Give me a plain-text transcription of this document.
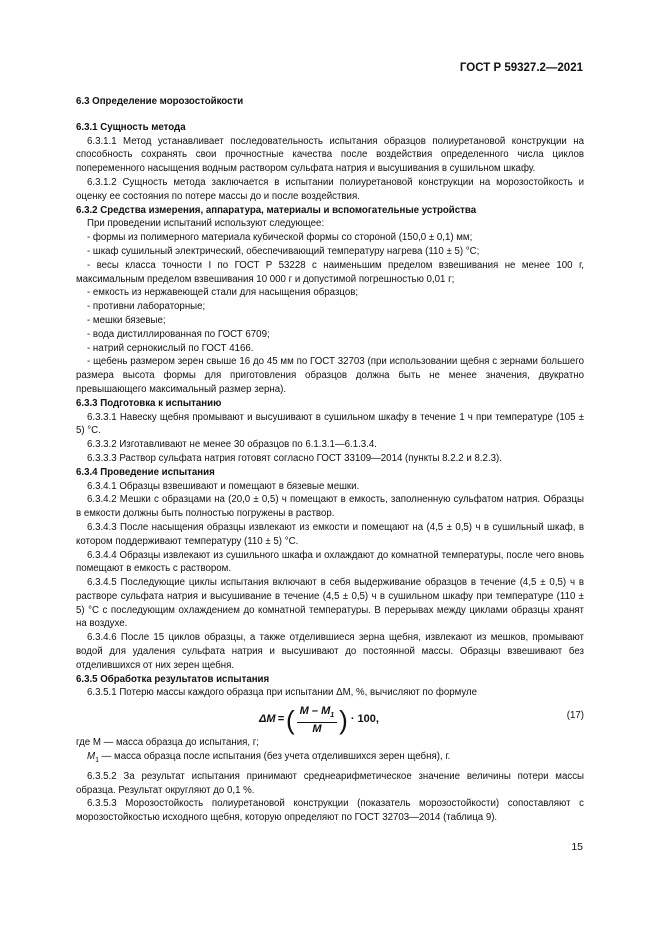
ГОСТ Р 59327.2—2021

6.3 Определение морозостойкости

6.3.1 Сущность метода

6.3.1.1 Метод устанавливает последовательность испытания образцов полиуретановой конструкции на способность сохранять свои прочностные качества после воздействия определенного числа циклов попеременного насыщения водным раствором сульфата натрия и высушивания в сушильном шкафу.

6.3.1.2 Сущность метода заключается в испытании полиуретановой конструкции на морозостойкость и оценку ее состояния по потере массы до и после воздействия.

6.3.2 Средства измерения, аппаратура, материалы и вспомогательные устройства

При проведении испытаний используют следующее:

- формы из полимерного материала кубической формы со стороной (150,0 ± 0,1) мм;

- шкаф сушильный электрический, обеспечивающий температуру нагрева (110 ± 5) °С;

- весы класса точности I по ГОСТ Р 53228 с наименьшим пределом взвешивания не менее 100 г, максимальным пределом взвешивания 10 000 г и допустимой погрешностью 0,01 г;

- емкость из нержавеющей стали для насыщения образцов;

- противни лабораторные;

- мешки бязевые;

- вода дистиллированная по ГОСТ 6709;

- натрий сернокислый по ГОСТ 4166.

- щебень размером зерен свыше 16 до 45 мм по ГОСТ 32703 (при использовании щебня с зернами большего размера высота формы для приготовления образцов должна быть не менее значения, двукратно превышающего максимальный размер зерна).

6.3.3 Подготовка к испытанию

6.3.3.1 Навеску щебня промывают и высушивают в сушильном шкафу в течение 1 ч при температуре (105 ± 5) °С.

6.3.3.2 Изготавливают не менее 30 образцов по 6.1.3.1—6.1.3.4.

6.3.3.3 Раствор сульфата натрия готовят согласно ГОСТ 33109—2014 (пункты 8.2.2 и 8.2.3).

6.3.4 Проведение испытания

6.3.4.1 Образцы взвешивают и помещают в бязевые мешки.

6.3.4.2 Мешки с образцами на (20,0 ± 0,5) ч помещают в емкость, заполненную сульфатом натрия. Образцы в емкости должны быть полностью погружены в раствор.

6.3.4.3 После насыщения образцы извлекают из емкости и помещают на (4,5 ± 0,5) ч в сушильный шкаф, в котором поддерживают температуру (110 ± 5) °С.

6.3.4.4 Образцы извлекают из сушильного шкафа и охлаждают до комнатной температуры, после чего вновь помещают в емкость с раствором.

6.3.4.5 Последующие циклы испытания включают в себя выдерживание образцов в течение (4,5 ± 0,5) ч в растворе сульфата натрия и высушивание в течение (4,5 ± 0,5) ч в сушильном шкафу при температуре (110 ± 5) °С с последующим охлаждением до комнатной температуры. В перерывах между циклами образцы хранят на воздухе.

6.3.4.6 После 15 циклов образцы, а также отделившиеся зерна щебня, извлекают из мешков, промывают водой для удаления сульфата натрия и высушивают до постоянной массы. Образцы взвешивают без отделившихся от них зерен щебня.

6.3.5 Обработка результатов испытания

6.3.5.1 Потерю массы каждого образца при испытании ΔM, %, вычисляют по формуле

ΔM = ( $\frac{M - M_1}{M}$ ) · 100,	(17)

где M — масса образца до испытания, г;

$M_1$ — масса образца после испытания (без учета отделившихся зерен щебня), г.

6.3.5.2 За результат испытания принимают среднеарифметическое значение величины потери массы образца. Результат округляют до 0,1 %.

6.3.5.3 Морозостойкость полиуретановой конструкции (показатель морозостойкости) сопоставляют с морозостойкостью исходного щебня, которую определяют по ГОСТ 32703—2014 (таблица 9).

15
